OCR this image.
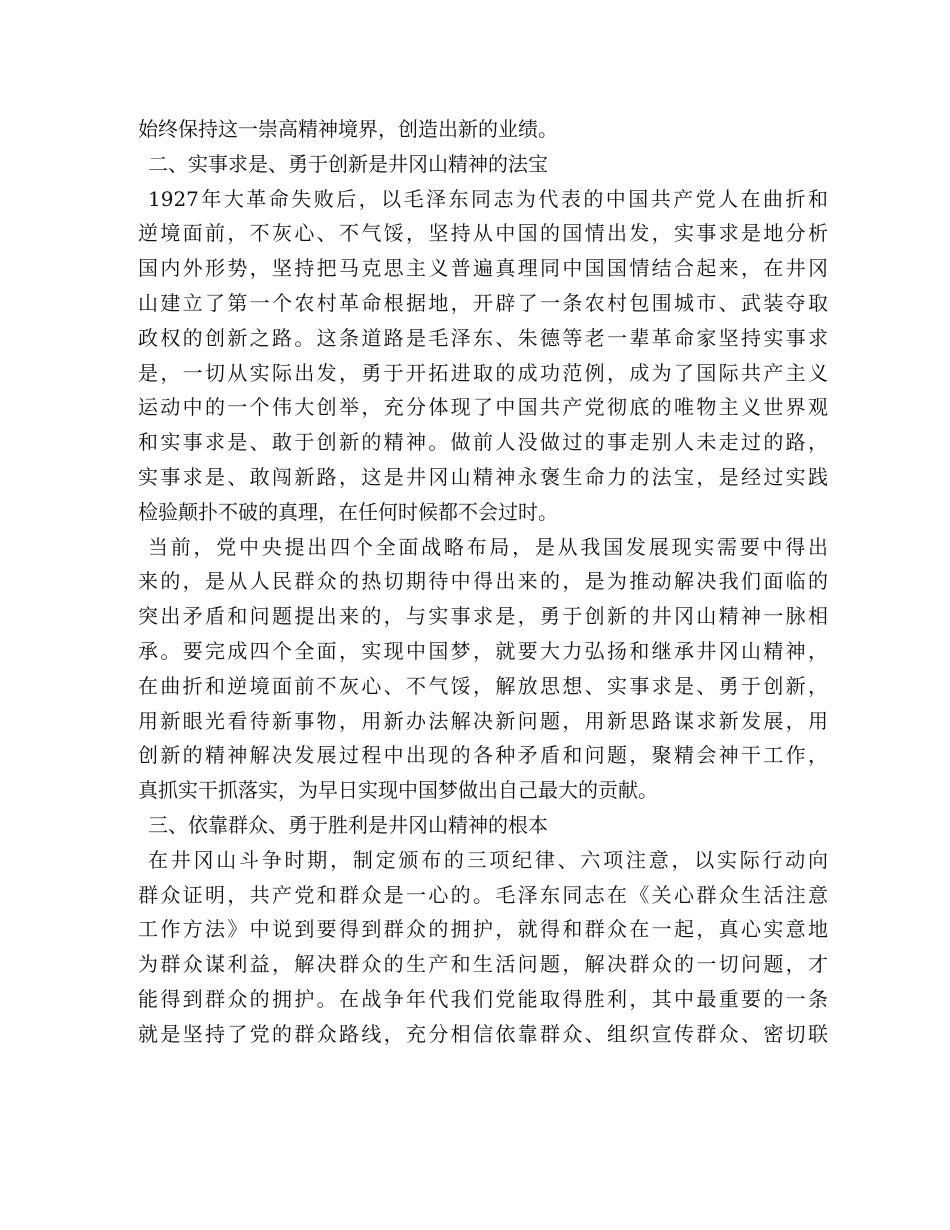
始终保持这一崇高精神境界，创造出新的业绩。
二、实事求是、勇于创新是井冈山精神的法宝
1927年大革命失败后，以毛泽东同志为代表的中国共产党人在曲折和
逆境面前，不灰心、不气馁，坚持从中国的国情出发，实事求是地分析
国内外形势，坚持把马克思主义普遍真理同中国国情结合起来，在井冈
山建立了第一个农村革命根据地，开辟了一条农村包围城市、武装夺取
政权的创新之路。这条道路是毛泽东、朱德等老一辈革命家坚持实事求
是，一切从实际出发，勇于开拓进取的成功范例，成为了国际共产主义
运动中的一个伟大创举，充分体现了中国共产党彻底的唯物主义世界观
和实事求是、敢于创新的精神。做前人没做过的事走别人未走过的路，
实事求是、敢闯新路，这是井冈山精神永褒生命力的法宝，是经过实践
检验颠扑不破的真理，在任何时候都不会过时。
当前，党中央提出四个全面战略布局，是从我国发展现实需要中得出
来的，是从人民群众的热切期待中得出来的，是为推动解决我们面临的
突出矛盾和问题提出来的，与实事求是，勇于创新的井冈山精神一脉相
承。要完成四个全面，实现中国梦，就要大力弘扬和继承井冈山精神，
在曲折和逆境面前不灰心、不气馁，解放思想、实事求是、勇于创新，
用新眼光看待新事物，用新办法解决新问题，用新思路谋求新发展，用
创新的精神解决发展过程中出现的各种矛盾和问题，聚精会神干工作，
真抓实干抓落实，为早日实现中国梦做出自己最大的贡献。
三、依靠群众、勇于胜利是井冈山精神的根本
在井冈山斗争时期，制定颁布的三项纪律、六项注意，以实际行动向
群众证明，共产党和群众是一心的。毛泽东同志在《关心群众生活注意
工作方法》中说到要得到群众的拥护，就得和群众在一起，真心实意地
为群众谋利益，解决群众的生产和生活问题，解决群众的一切问题，才
能得到群众的拥护。在战争年代我们党能取得胜利，其中最重要的一条
就是坚持了党的群众路线，充分相信依靠群众、组织宣传群众、密切联
